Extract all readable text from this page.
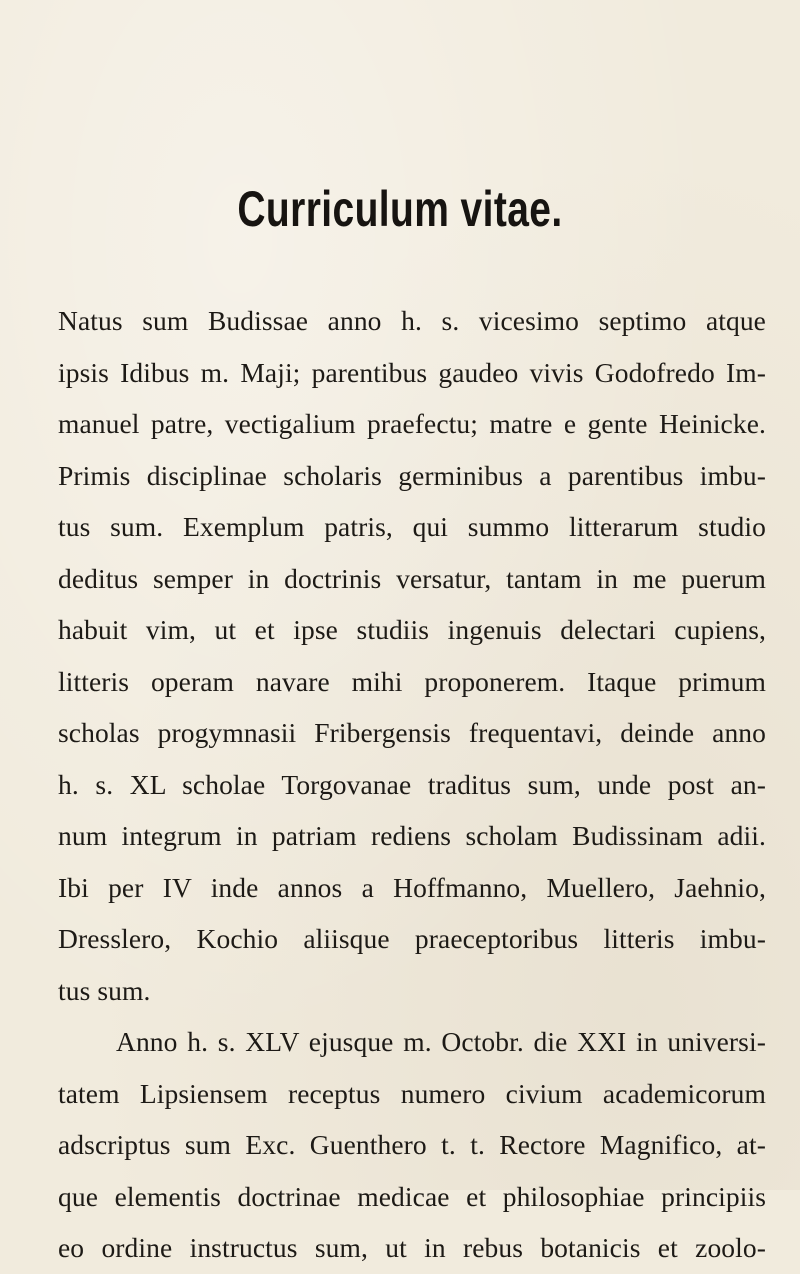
Curriculum vitae.
Natus sum Budissae anno h. s. vicesimo septimo atque
ipsis Idibus m. Maji; parentibus gaudeo vivis Godofredo Im-
manuel patre, vectigalium praefectu; matre e gente Heinicke.
Primis disciplinae scholaris germinibus a parentibus imbu-
tus sum. Exemplum patris, qui summo litterarum studio
deditus semper in doctrinis versatur, tantam in me puerum
habuit vim, ut et ipse studiis ingenuis delectari cupiens,
litteris operam navare mihi proponerem. Itaque primum
scholas progymnasii Fribergensis frequentavi, deinde anno
h. s. XL scholae Torgovanae traditus sum, unde post an-
num integrum in patriam rediens scholam Budissinam adii.
Ibi per IV inde annos a Hoffmanno, Muellero, Jaehnio,
Dresslero, Kochio aliisque praeceptoribus litteris imbu-
tus sum.
Anno h. s. XLV ejusque m. Octobr. die XXI in universi-
tatem Lipsiensem receptus numero civium academicorum
adscriptus sum Exc. Guenthero t. t. Rectore Magnifico, at-
que elementis doctrinae medicae et philosophiae principiis
eo ordine instructus sum, ut in rebus botanicis et zoolo-
